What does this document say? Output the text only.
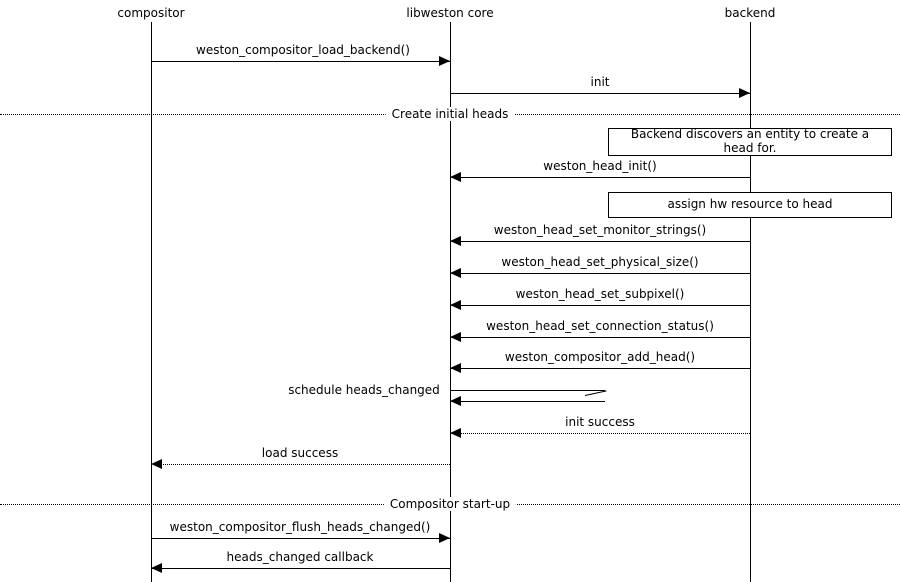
compositor	libweston core	backend
Create initial heads
Compositor start-up
weston_compositor_load_backend()
init
Backend discovers an entity to create a head for.
weston_head_init()
assign hw resource to head
weston_head_set_monitor_strings()
weston_head_set_physical_size()
weston_head_set_subpixel()
weston_head_set_connection_status()
weston_compositor_add_head()
schedule heads_changed
init success
load success
weston_compositor_flush_heads_changed()
heads_changed callback
